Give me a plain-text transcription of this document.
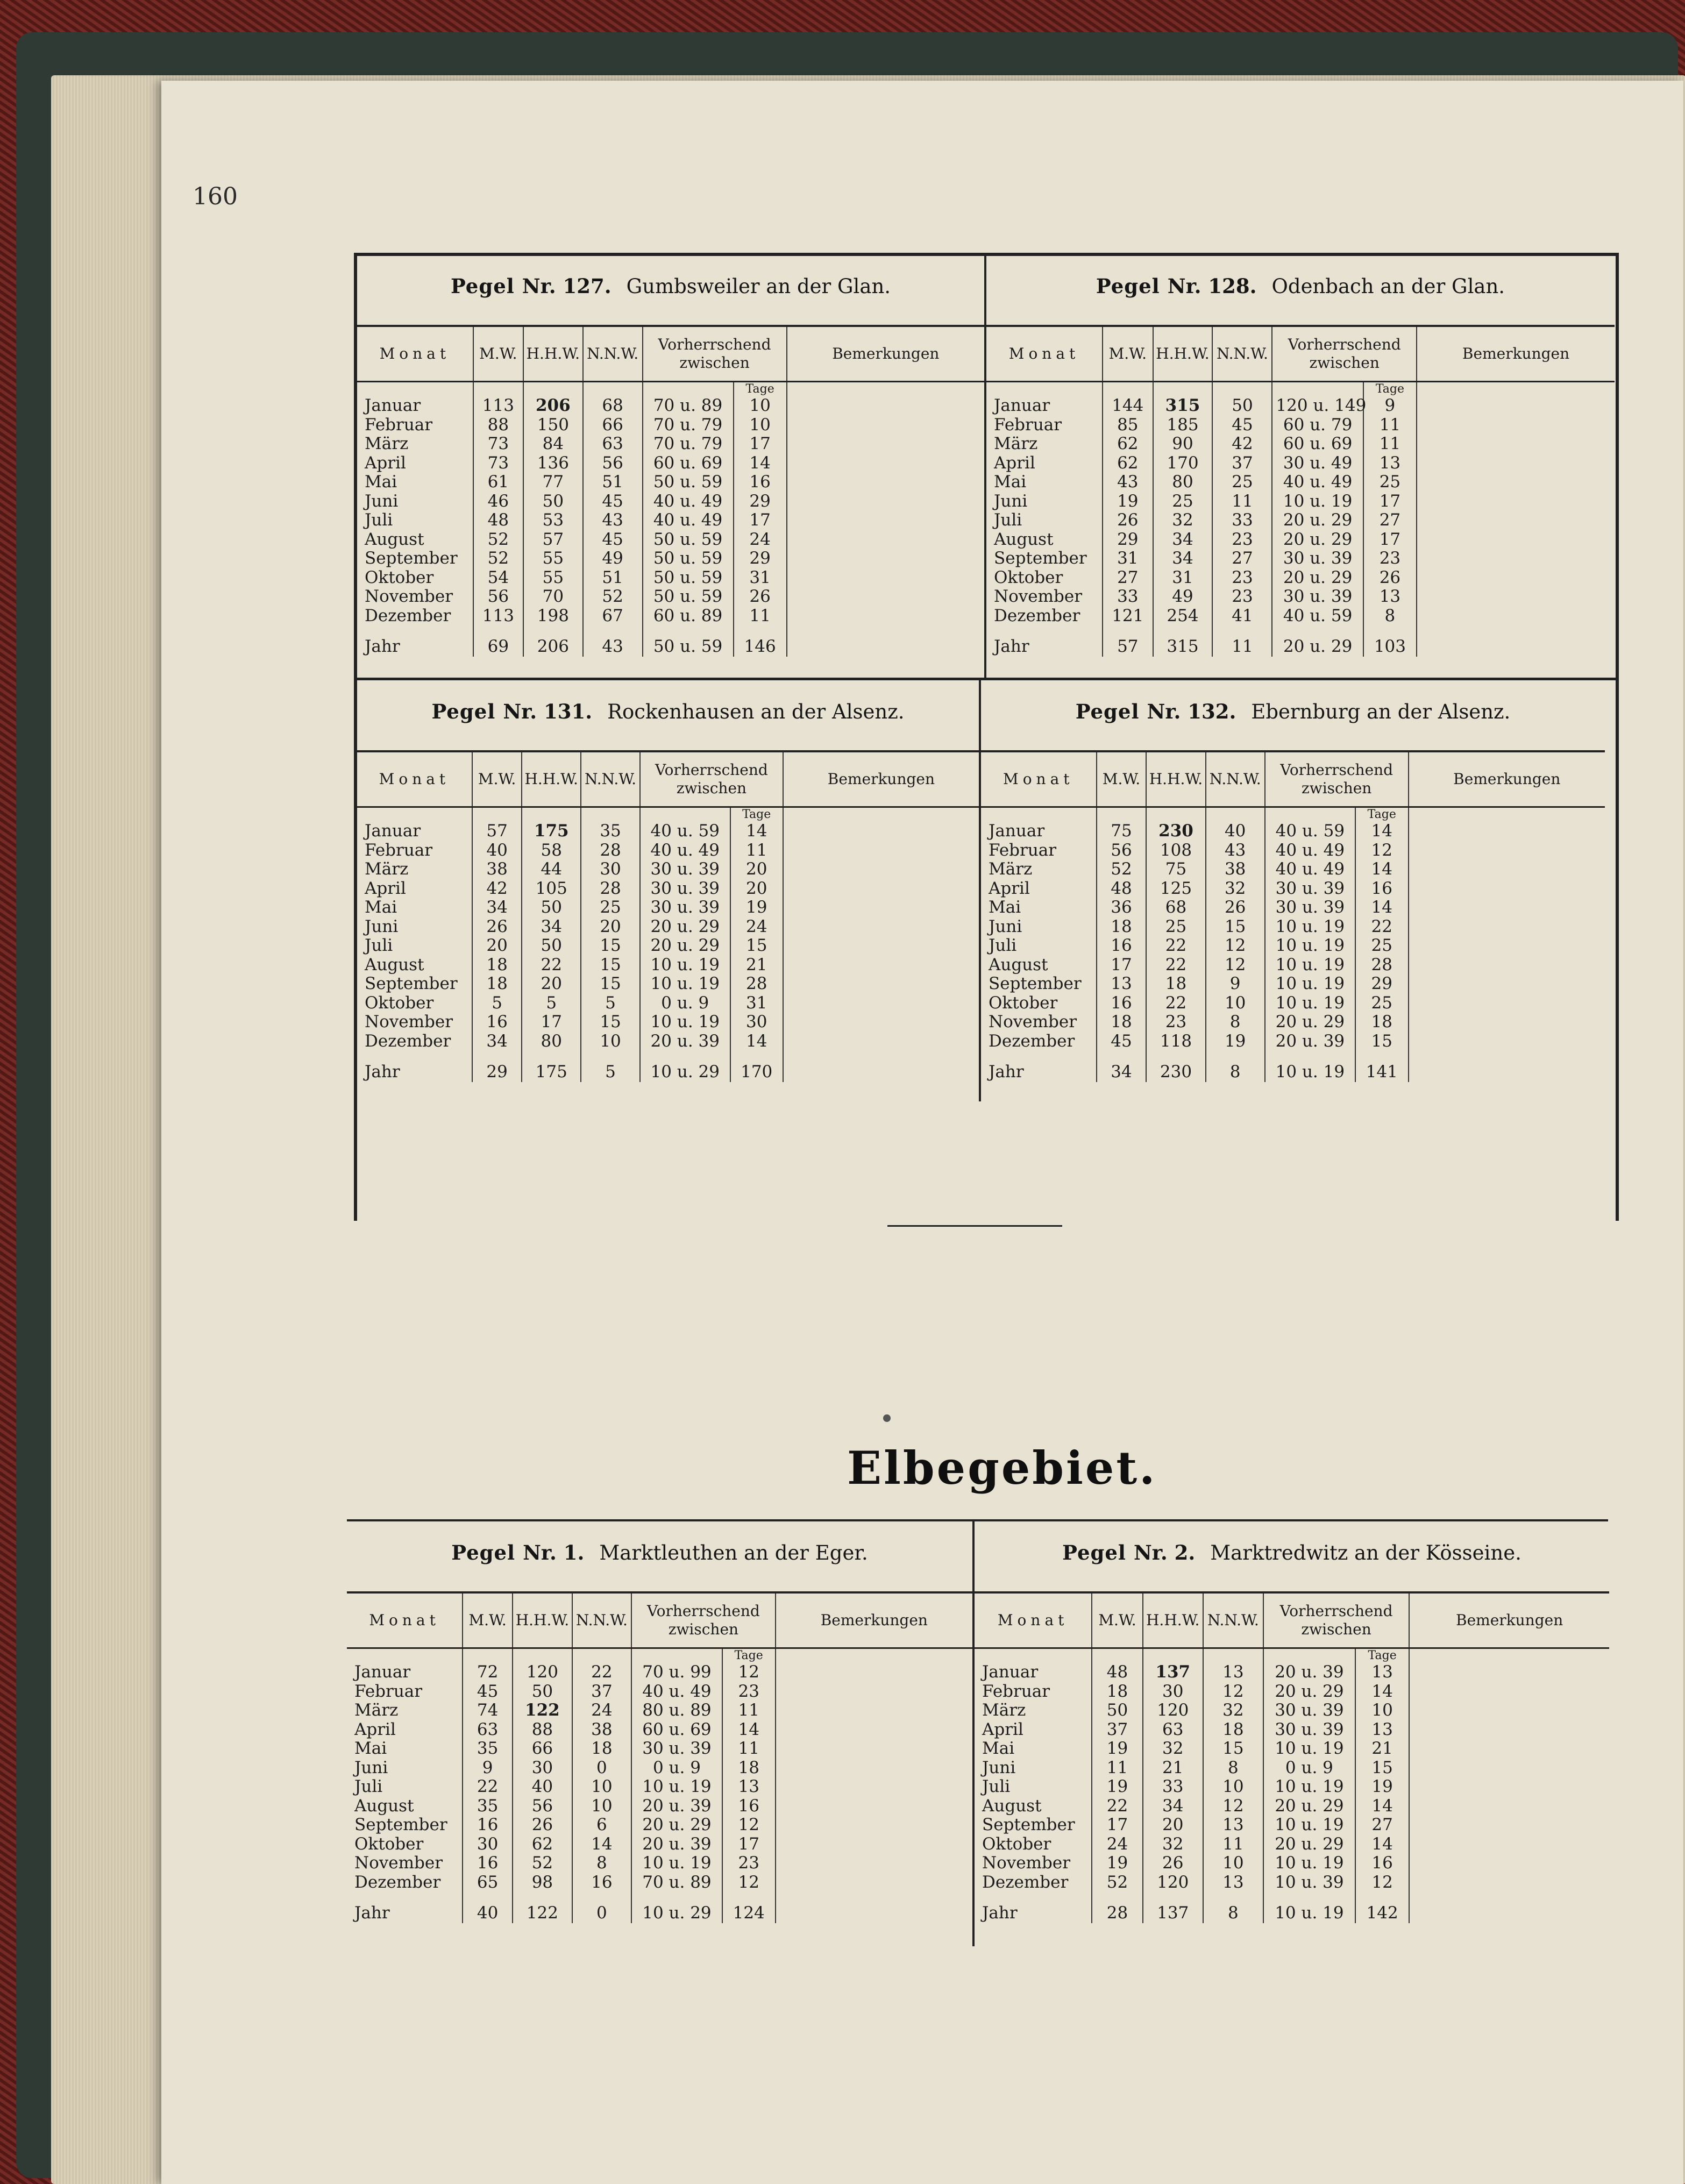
160
Pegel Nr. 127. Gumbsweiler an der Glan.
Monat	M.W.	H.H.W.	N.N.W.	Vorherrschend zwischen		Bemerkungen
					Tage	
Januar	113	206	68	70 u. 89	10	
Februar	88	150	66	70 u. 79	10	
März	73	84	63	70 u. 79	17	
April	73	136	56	60 u. 69	14	
Mai	61	77	51	50 u. 59	16	
Juni	46	50	45	40 u. 49	29	
Juli	48	53	43	40 u. 49	17	
August	52	57	45	50 u. 59	24	
September	52	55	49	50 u. 59	29	
Oktober	54	55	51	50 u. 59	31	
November	56	70	52	50 u. 59	26	
Dezember	113	198	67	60 u. 89	11	
Jahr	69	206	43	50 u. 59	146	
Pegel Nr. 128. Odenbach an der Glan.
Monat	M.W.	H.H.W.	N.N.W.	Vorherrschend zwischen		Bemerkungen
					Tage	
Januar	144	315	50	120 u. 149	9	
Februar	85	185	45	60 u. 79	11	
März	62	90	42	60 u. 69	11	
April	62	170	37	30 u. 49	13	
Mai	43	80	25	40 u. 49	25	
Juni	19	25	11	10 u. 19	17	
Juli	26	32	33	20 u. 29	27	
August	29	34	23	20 u. 29	17	
September	31	34	27	30 u. 39	23	
Oktober	27	31	23	20 u. 29	26	
November	33	49	23	30 u. 39	13	
Dezember	121	254	41	40 u. 59	8	
Jahr	57	315	11	20 u. 29	103	
Pegel Nr. 131. Rockenhausen an der Alsenz.
Monat	M.W.	H.H.W.	N.N.W.	Vorherrschend zwischen		Bemerkungen
					Tage	
Januar	57	175	35	40 u. 59	14	
Februar	40	58	28	40 u. 49	11	
März	38	44	30	30 u. 39	20	
April	42	105	28	30 u. 39	20	
Mai	34	50	25	30 u. 39	19	
Juni	26	34	20	20 u. 29	24	
Juli	20	50	15	20 u. 29	15	
August	18	22	15	10 u. 19	21	
September	18	20	15	10 u. 19	28	
Oktober	5	5	5	0 u. 9	31	
November	16	17	15	10 u. 19	30	
Dezember	34	80	10	20 u. 39	14	
Jahr	29	175	5	10 u. 29	170	
Pegel Nr. 132. Ebernburg an der Alsenz.
Monat	M.W.	H.H.W.	N.N.W.	Vorherrschend zwischen		Bemerkungen
					Tage	
Januar	75	230	40	40 u. 59	14	
Februar	56	108	43	40 u. 49	12	
März	52	75	38	40 u. 49	14	
April	48	125	32	30 u. 39	16	
Mai	36	68	26	30 u. 39	14	
Juni	18	25	15	10 u. 19	22	
Juli	16	22	12	10 u. 19	25	
August	17	22	12	10 u. 19	28	
September	13	18	9	10 u. 19	29	
Oktober	16	22	10	10 u. 19	25	
November	18	23	8	20 u. 29	18	
Dezember	45	118	19	20 u. 39	15	
Jahr	34	230	8	10 u. 19	141	
Pegel Nr. 1. Marktleuthen an der Eger.
Monat	M.W.	H.H.W.	N.N.W.	Vorherrschend zwischen		Bemerkungen
					Tage	
Januar	72	120	22	70 u. 99	12	
Februar	45	50	37	40 u. 49	23	
März	74	122	24	80 u. 89	11	
April	63	88	38	60 u. 69	14	
Mai	35	66	18	30 u. 39	11	
Juni	9	30	0	0 u. 9	18	
Juli	22	40	10	10 u. 19	13	
August	35	56	10	20 u. 39	16	
September	16	26	6	20 u. 29	12	
Oktober	30	62	14	20 u. 39	17	
November	16	52	8	10 u. 19	23	
Dezember	65	98	16	70 u. 89	12	
Jahr	40	122	0	10 u. 29	124	
Pegel Nr. 2. Marktredwitz an der Kösseine.
Monat	M.W.	H.H.W.	N.N.W.	Vorherrschend zwischen		Bemerkungen
					Tage	
Januar	48	137	13	20 u. 39	13	
Februar	18	30	12	20 u. 29	14	
März	50	120	32	30 u. 39	10	
April	37	63	18	30 u. 39	13	
Mai	19	32	15	10 u. 19	21	
Juni	11	21	8	0 u. 9	15	
Juli	19	33	10	10 u. 19	19	
August	22	34	12	20 u. 29	14	
September	17	20	13	10 u. 19	27	
Oktober	24	32	11	20 u. 29	14	
November	19	26	10	10 u. 19	16	
Dezember	52	120	13	10 u. 39	12	
Jahr	28	137	8	10 u. 19	142	
Elbegebiet.
